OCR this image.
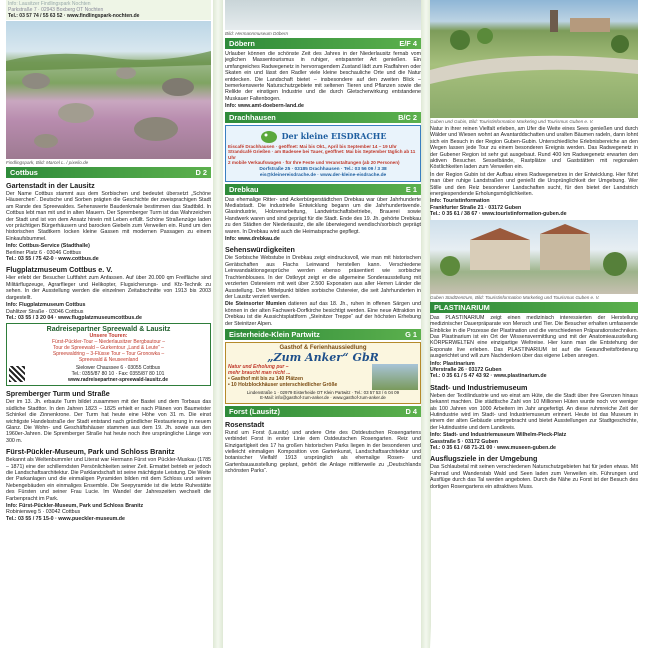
Info: Lausitzer Findlingspark Nochten
Parkstraße 7 · 02943 Boxberg OT Nochten
Tel.: 03 57 74 / 55 63 52 · www.findlingspark-nochten.de
Findlingspark, Bild: Marcel L. / pixelio.de
Cottbus	D 2
Gartenstadt in der Lausitz

Der Name Cottbus stammt aus dem Sorbischen und bedeutet übersetzt „Schöne Häuserchen“. Deutsche und Sorben prägten die Geschichte der zweisprachigen Stadt am Rande des Spreewaldes. Sehenswerte Baudenkmale bestimmen das Stadtbild. In Cottbus lebt man mit und in alten Mauern. Der Spremberger Turm ist das Wahrzeichen der Stadt und ist von dem Ansatz hinein mit Leben erfüllt. Schöne Straßenzüge laden vor prächtigen Bürgerhäusern und barocken Giebeln zum Verweilen ein. Rund um den historischen Stadtkern locken kleine Gassen mit modernen Passagen zu einem Einkaufsbummel.

Info: Cottbus-Service (Stadthalle)
Berliner Platz 6 · 03046 Cottbus
Tel.: 03 55 / 75 42-0 · www.cottbus.de
Flugplatzmuseum Cottbus e. V.

Hier erlebt der Besucher Luftfahrt zum Anfassen. Auf über 20.000 qm Freifläche sind Militärflugzeuge, Agrarflieger und Helikopter, Flugsicherungs- und Kfz-Technik zu sehen. In der Ausstellung werden die einzelnen Zeitabschnitte von 1913 bis 2003 dargestellt.

Info: Flugplatzmuseum Cottbus
Dahlitzer Straße · 03046 Cottbus
Tel.: 03 55 / 3 20 04 · www.flugplatzmuseumcottbus.de
Radreisepartner Spreewald & Lausitz
Unsere Touren:
Fürst-Pückler-Tour – Niederlausitzer Bergbautour –
Tour de Spreewald – Gurkentour „Land & Leute“ –
Spreewaldring – 3-Flüsse Tour – Tour Gronowka –
Spreewald & Neuseenland
Sielower Chaussee 6 · 03055 Cottbus
Tel.: 0355/87 80 10 · Fax: 0355/87 80 101
www.radreisepartner-spreewald-lausitz.de
Spremberger Turm und Straße

Der im 13. Jh. erbaute Turm bildet zusammen mit der Bastei und dem Torbaus das südliche Stadttor. In den Jahren 1823 – 1825 erhielt er nach Plänen von Baumeister Schinkel die Zinnenkrone. Der Turm hat heute eine Höhe von 31 m. Die einst wichtigste Handelsstraße der Stadt entstand nach gründlicher Restaurierung in neuem Glanz. Die Wohn- und Geschäftshäuser stammen aus dem 19. Jh. sowie aus den 1960er-Jahren. Die Spremberger Straße hat heute noch ihre ursprüngliche Länge von 300 m.

Fürst-Pückler-Museum, Park und Schloss Branitz

Bekannt als Weltenbummler und Literat war Hermann Fürst von Pückler-Muskau (1785 – 1871) eine der schillerndsten Persönlichkeiten seiner Zeit. Ermattet betrieb er jedoch die Landschaftsarchitektur. Die Parklandschaft ist seine mächtigste Leistung. Die Weite der Parkanlagen und die einmaligen Pyramiden bilden mit dem Schloss und seinen Nebengebäuden ein einmaliges Ensemble. Die Seepyramide ist die letzte Ruhestätte des Fürsten und seiner Frau Lucie. Im Wandel der Jahreszeiten wechselt die Farbenpracht im Park.

Info: Fürst-Pückler-Museum, Park und Schloss Branitz
Robinienweg 5 · 03042 Cottbus
Tel.: 03 55 / 75 15-0 · www.pueckler-museum.de
Bild: Hermannmuseum Döbern
Döbern	E/F 4

Urlauber können die schönste Zeit des Jahres in der Niederlausitz fernab vom jeglichen Massentourismus in ruhiger, entspannter Art genießen. Ein umfangreiches Radwegenetz in hervorragendem Zustand lädt zum Radfahren oder Skaten ein und lässt den Radler viele kleine beschauliche Orte und die Natur entdecken. Die Landschaft bietet – insbesondere auf den zweiten Blick – bemerkenswerte Naturschutzgebiete mit seltenen Tieren und Pflanzen sowie die Relikte der einstigen Industrie und die durch Gletscherwirkung entstandene Muskauer Faltenbogen.

Info: www.amt-doebern-land.de
Drachhausen	B/C 2
Der kleine EISDRACHE
Eiscafé Drachhausen · geöffnet: Mai bis Okt., April bis September 14 – 19 Uhr
Strandcafé Grießen · am Badesee bei Tauer, geöffnet: Mai bis September täglich ab 11 Uhr
2 mobile Verkaufswagen · für Ihre Feste und Veranstaltungen (ab 20 Personen)
Dorfstraße 25 · 03185 Drachhausen · Tel.: 03 56 09 / 3 38
eis@kleinereisdrache.de · www.der-kleine-eisdrache.de
Drebkau	E 1

Das ehemalige Ritter- und Ackerbürgerstädtchen Drebkau war über Jahrhunderte Mediatstadt. Die industrielle Entwicklung begann um die Jahrhundertwende. Glasindustrie, Holzverarbeitung, Landwirtschaftsbetriebe, Brauerei sowie Handwerk waren und sind geprägt für die Stadt. Ende des 19. Jh. gehörte Drebkau zu den Städten der Niederlausitz, die alle überwiegend wendisch/sorbisch geprägt waren. In Drebkau wird auch die Heimatsprache gepflegt.

Info: www.drebkau.de
Sehenswürdigkeiten

Die Sorbische Webstube in Drebkau zeigt eindrucksvoll, wie man mit historischen Gerätschaften aus Flachs Leinwand herstellen kann. Verschiedene Leinwandaktionsgesprüche werden ebenso präsentiert wie sorbische Trachtenblouses. In der Ostkrypt zeigt er die allgemeine Sonderausstellung mit verzierten Ostereiern mit weit über 2.500 Exponaten aus aller Herren Länder die Ausstellung. Den Mittelpunkt bilden sorbische Ostereier, die seit Jahrhunderten in der Lausitz verziert werden.

Die Steinsorter Mumien datieren auf das 18. Jh., ruhen in offenen Särgen und können in der alten Fachwerk-Dorfkirche besichtigt werden. Eine neue Attraktion in Drebkau ist die Aussichtsplattform „Steinitzer Treppe“ auf der höchsten Erhebung der Steinitzer Alpen.

Eisterheide-Klein Partwitz	G 1
Gasthof & Ferienhaussiedlung
„Zum Anker“ GbR
Natur und Erholung pur –
mehr braucht man nicht ...
• Gasthof mit bis zu 140 Plätzen
• 10 Holzblockhäuser unterschiedlicher Größe
Lindenstraße 1 · 02979 Eisterheide OT Klein Partwitz · Tel.: 03 57 53 / 6 04 09
E-Mail: info@gasthof-zum-anker.de · www.gasthof-zum-anker.de
Forst (Lausitz)	D 4
Rosenstadt

Rund um Forst (Lausitz) und andere Orte des Ostdeutschen Rosengartens verbindet Forst in erster Linie dem Ostdeutschen Rosengarten. Reiz und Einzigartigkeit des 17 ha großen historischen Parks liegen in der besonderen und vielleicht einmaligen Komposition von Gartenkunst, Landschaftsarchitektur und botanischer Vielfalt! 1913 ursprünglich als ehemalige Rosen- und Gartenbauausstellung geplant, gehört die Anlage mittlerweile zu „Deutschlands schönsten Parks“.

Guben und Gubin, Bild: Touristinformation Marketing und Tourismus Guben e. V.

Natur in ihrer reinen Vielfalt erleben, am Ufer die Weite eines Sees genießen und durch Wälder und Wiesen wohnt an Avantarddschatten und uralten Bäumen radeln, dann lohnt sich ein Besuch in der Region Guben-Gubin. Unterschiedliche Erlebnisbereiche an den Wegen lassen jede Tour zu einem besonderen Ereignis werden. Das Radwegenetz in der Gubener Region ist sehr gut ausgebaut. Rund 400 km Radwegenetz erwarten den aktiven Besucher. Sesselbände, Rastplätze und Gaststätten mit regionalen Köstlichkeiten laden zum Verweilen ein.

In der Region Gubin ist der Aufbau eines Radwegenetzes in der Entwicklung. Hier führt man über ruhige Landstraßen und genießt die Ursprünglichkeit der Umgebung. Wer Stille und den Reiz besonderer Landschaften sucht, für den bietet der Landstrich energiespendende Erholungsmöglichkeiten.

Info: Touristinformation
Frankfurter Straße 21 · 03172 Guben
Tel.: 0 35 61 / 38 67 · www.touristinformation-guben.de
Guben Stadtzentrum, Bild: Touristinformation Marketing und Tourismus Guben e. V.
PLASTINARIUM

Das PLASTINARIUM zeigt einen medizinisch interessierten der Herstellung medizinischer Dauerpräparate von Mensch und Tier. Die Besucher erhalten umfassende Einblicke in die Prozesse der Plastination und die verschiedenen Präparationstechniken. Das Plastinarium ist ein Ort der Wissensvermittlung und mit der Anatomieausstellung KÖRPERWELTEN eine einzigartige Weltreise. Hier kann man die Entstehung der Exponate live erleben. Das PLASTINARIUM ist auf die Gesundheitsförderung ausgerichtet und will zum Nachdenken über das eigene Leben anregen.

Info: Plastinarium
Uferstraße 26 · 03172 Guben
Tel.: 0 35 61 / 5 47 43 92 · www.plastinarium.de
Stadt- und Industriemuseum

Neben der Textilindustrie und wo einst am Hüte, die die Stadt über ihre Grenzen hinaus bekannt machten. Die städtische Zahl von 10 Millionen Hüten wurde noch vor weniger als 100 Jahren von 1000 Arbeitern im Jahr angefertigt. An diese ruhmreiche Zeit der Hutindustrie wird im Stadt- und Industriemuseum erinnert. Heute ist das Museum in einem der alten Gebäude untergebracht und bietet Ausstellungen zur Stadtgeschichte, der Hutindustrie und dem Landkreis.

Info: Stadt- und Industriemuseum Wilhelm-Pieck-Platz
Gasstraße 5 · 03172 Guben
Tel.: 0 35 61 / 68 71-21 00 · www.museen-guben.de
Ausflugsziele in der Umgebung

Das Schlaubetal mit seinen verschiedenen Naturschutzgebieten hat für jeden etwas. Mit Fahrrad und Wanderstab Wald und Seen laden zum Verweilen ein. Führungen und Ausflüge durch das Tal werden angeboten. Durch die Nähe zu Forst ist der Besuch des dortigen Rosengartens ein attraktives Muss.
